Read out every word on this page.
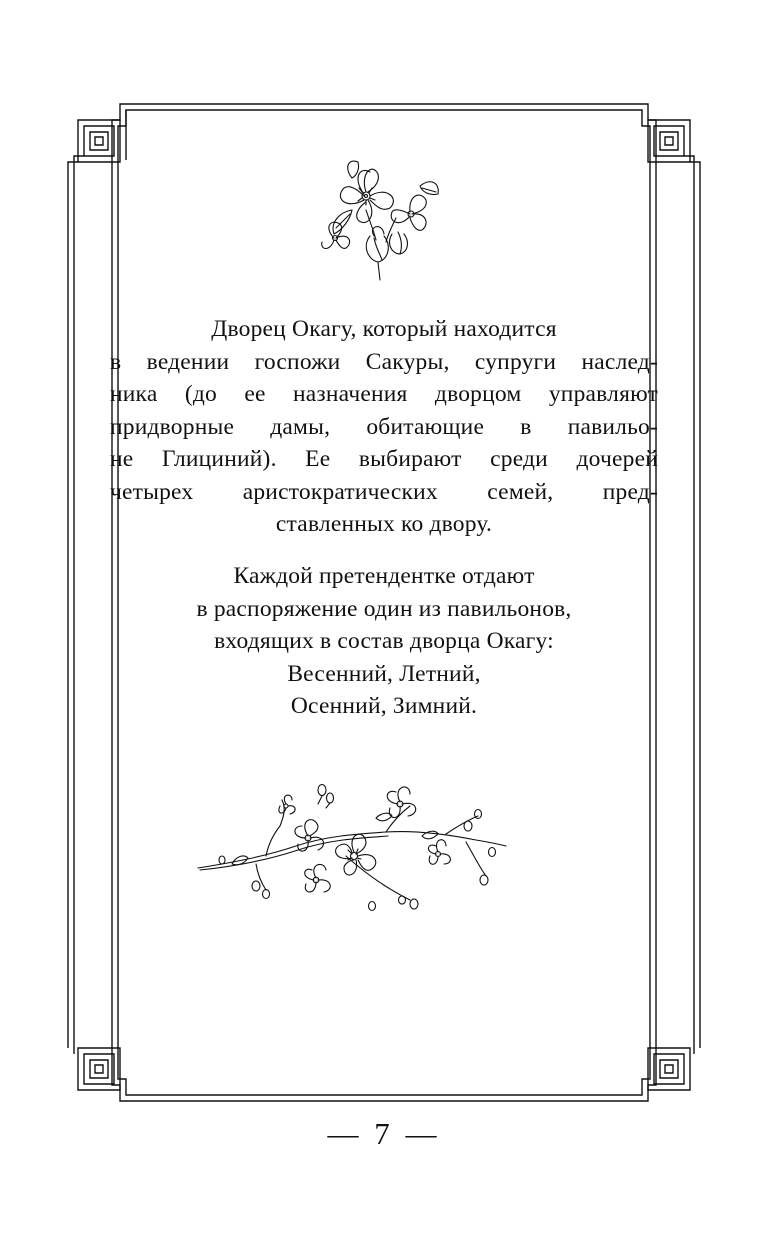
Дворец Окагу, который находится
в ведении госпожи Сакуры, супруги наслед-
ника (до ее назначения дворцом управляют
придворные дамы, обитающие в павильо-
не Глициний). Ее выбирают среди дочерей
четырех аристократических семей, пред-
ставленных ко двору.

Каждой претендентке отдают
в распоряжение один из павильонов,
входящих в состав дворца Окагу:
Весенний, Летний,
Осенний, Зимний.

— 7 —
